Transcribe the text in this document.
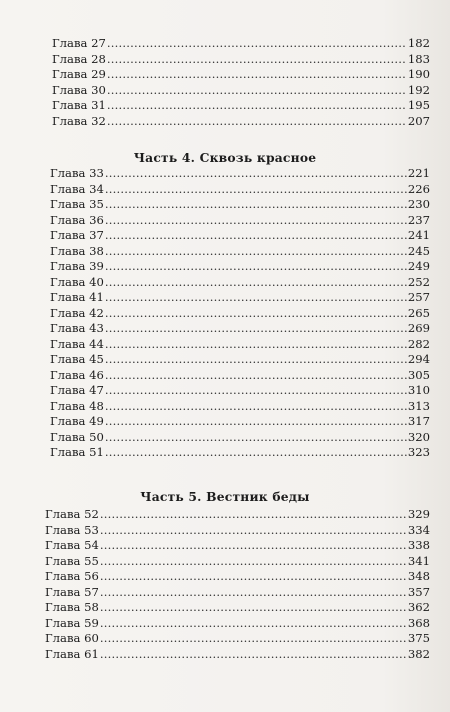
Глава 27 .....	182
Глава 28 .....	183
Глава 29 .....	190
Глава 30 .....	192
Глава 31 .....	195
Глава 32 .....	207
Часть 4. Сквозь красное
Глава 33 .....	221
Глава 34 .....	226
Глава 35 .....	230
Глава 36 .....	237
Глава 37 .....	241
Глава 38 .....	245
Глава 39 .....	249
Глава 40 .....	252
Глава 41 .....	257
Глава 42 .....	265
Глава 43 .....	269
Глава 44 .....	282
Глава 45 .....	294
Глава 46 .....	305
Глава 47 .....	310
Глава 48 .....	313
Глава 49 .....	317
Глава 50 .....	320
Глава 51 .....	323
Часть 5. Вестник беды
Глава 52 .....	329
Глава 53 .....	334
Глава 54 .....	338
Глава 55 .....	341
Глава 56 .....	348
Глава 57 .....	357
Глава 58 .....	362
Глава 59 .....	368
Глава 60 .....	375
Глава 61 .....	382
